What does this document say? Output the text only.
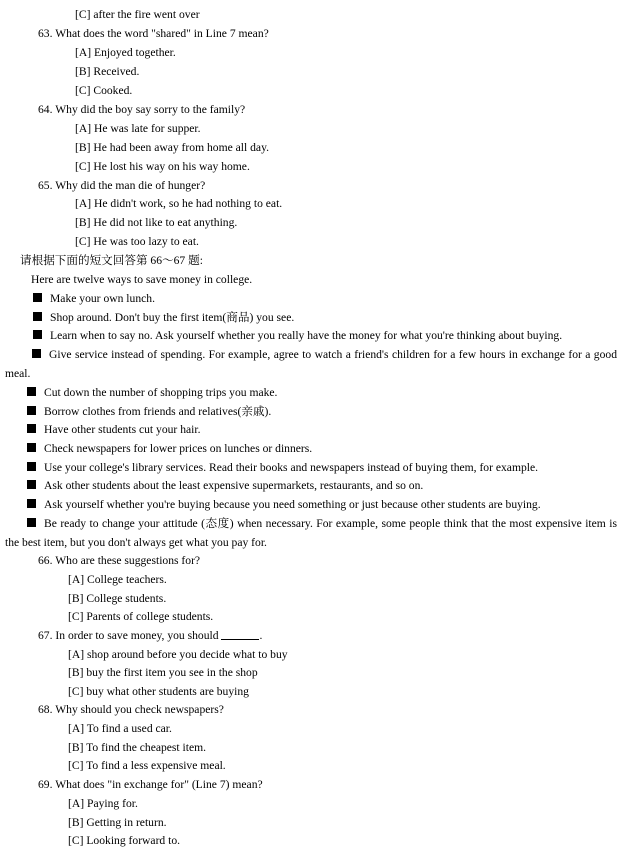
[C] after the fire went over
63. What does the word "shared" in Line 7 mean?
[A] Enjoyed together.
[B] Received.
[C] Cooked.
64. Why did the boy say sorry to the family?
[A] He was late for supper.
[B] He had been away from home all day.
[C] He lost his way on his way home.
65. Why did the man die of hunger?
[A] He didn't work, so he had nothing to eat.
[B] He did not like to eat anything.
[C] He was too lazy to eat.
请根据下面的短文回答第 66～67 题:
Here are twelve ways to save money in college.
Make your own lunch.
Shop around. Don't buy the first item(商品) you see.
Learn when to say no. Ask yourself whether you really have the money for what you're thinking about buying.
Give service instead of spending. For example, agree to watch a friend's children for a few hours in exchange for a good meal.
Cut down the number of shopping trips you make.
Borrow clothes from friends and relatives(亲戚).
Have other students cut your hair.
Check newspapers for lower prices on lunches or dinners.
Use your college's library services. Read their books and newspapers instead of buying them, for example.
Ask other students about the least expensive supermarkets, restaurants, and so on.
Ask yourself whether you're buying because you need something or just because other students are buying.
Be ready to change your attitude (态度) when necessary. For example, some people think that the most expensive item is the best item, but you don't always get what you pay for.
66. Who are these suggestions for?
[A] College teachers.
[B] College students.
[C] Parents of college students.
67. In order to save money, you should	.
[A] shop around before you decide what to buy
[B] buy the first item you see in the shop
[C] buy what other students are buying
68. Why should you check newspapers?
[A] To find a used car.
[B] To find the cheapest item.
[C] To find a less expensive meal.
69. What does "in exchange for" (Line 7) mean?
[A] Paying for.
[B] Getting in return.
[C] Looking forward to.
